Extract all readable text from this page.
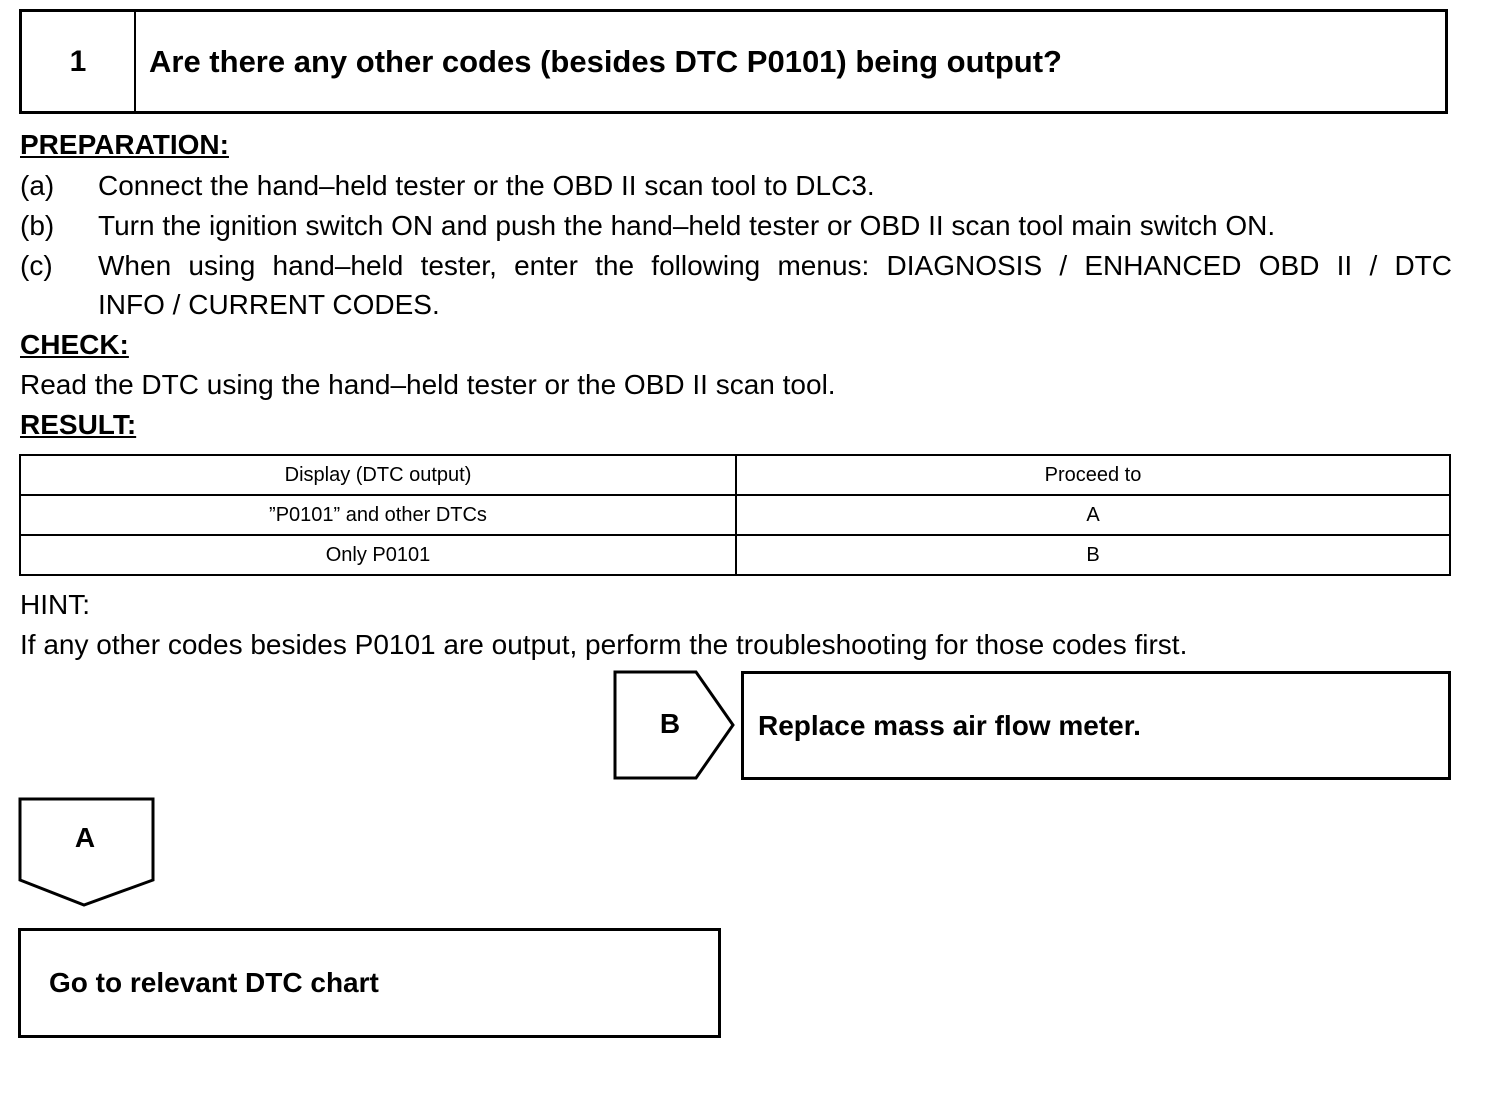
1	Are there any other codes (besides DTC P0101) being output?
PREPARATION:
(a) Connect the hand–held tester or the OBD II scan tool to DLC3.
(b) Turn the ignition switch ON and push the hand–held tester or OBD II scan tool main switch ON.
(c) When using hand–held tester, enter the following menus: DIAGNOSIS / ENHANCED OBD II / DTC
INFO / CURRENT CODES.
CHECK:
Read the DTC using the hand–held tester or the OBD II scan tool.
RESULT:
Display (DTC output)	Proceed to
”P0101” and other DTCs	A
Only P0101	B
HINT:
If any other codes besides P0101 are output, perform the troubleshooting for those codes first.
B	Replace mass air flow meter.
A
Go to relevant DTC chart
